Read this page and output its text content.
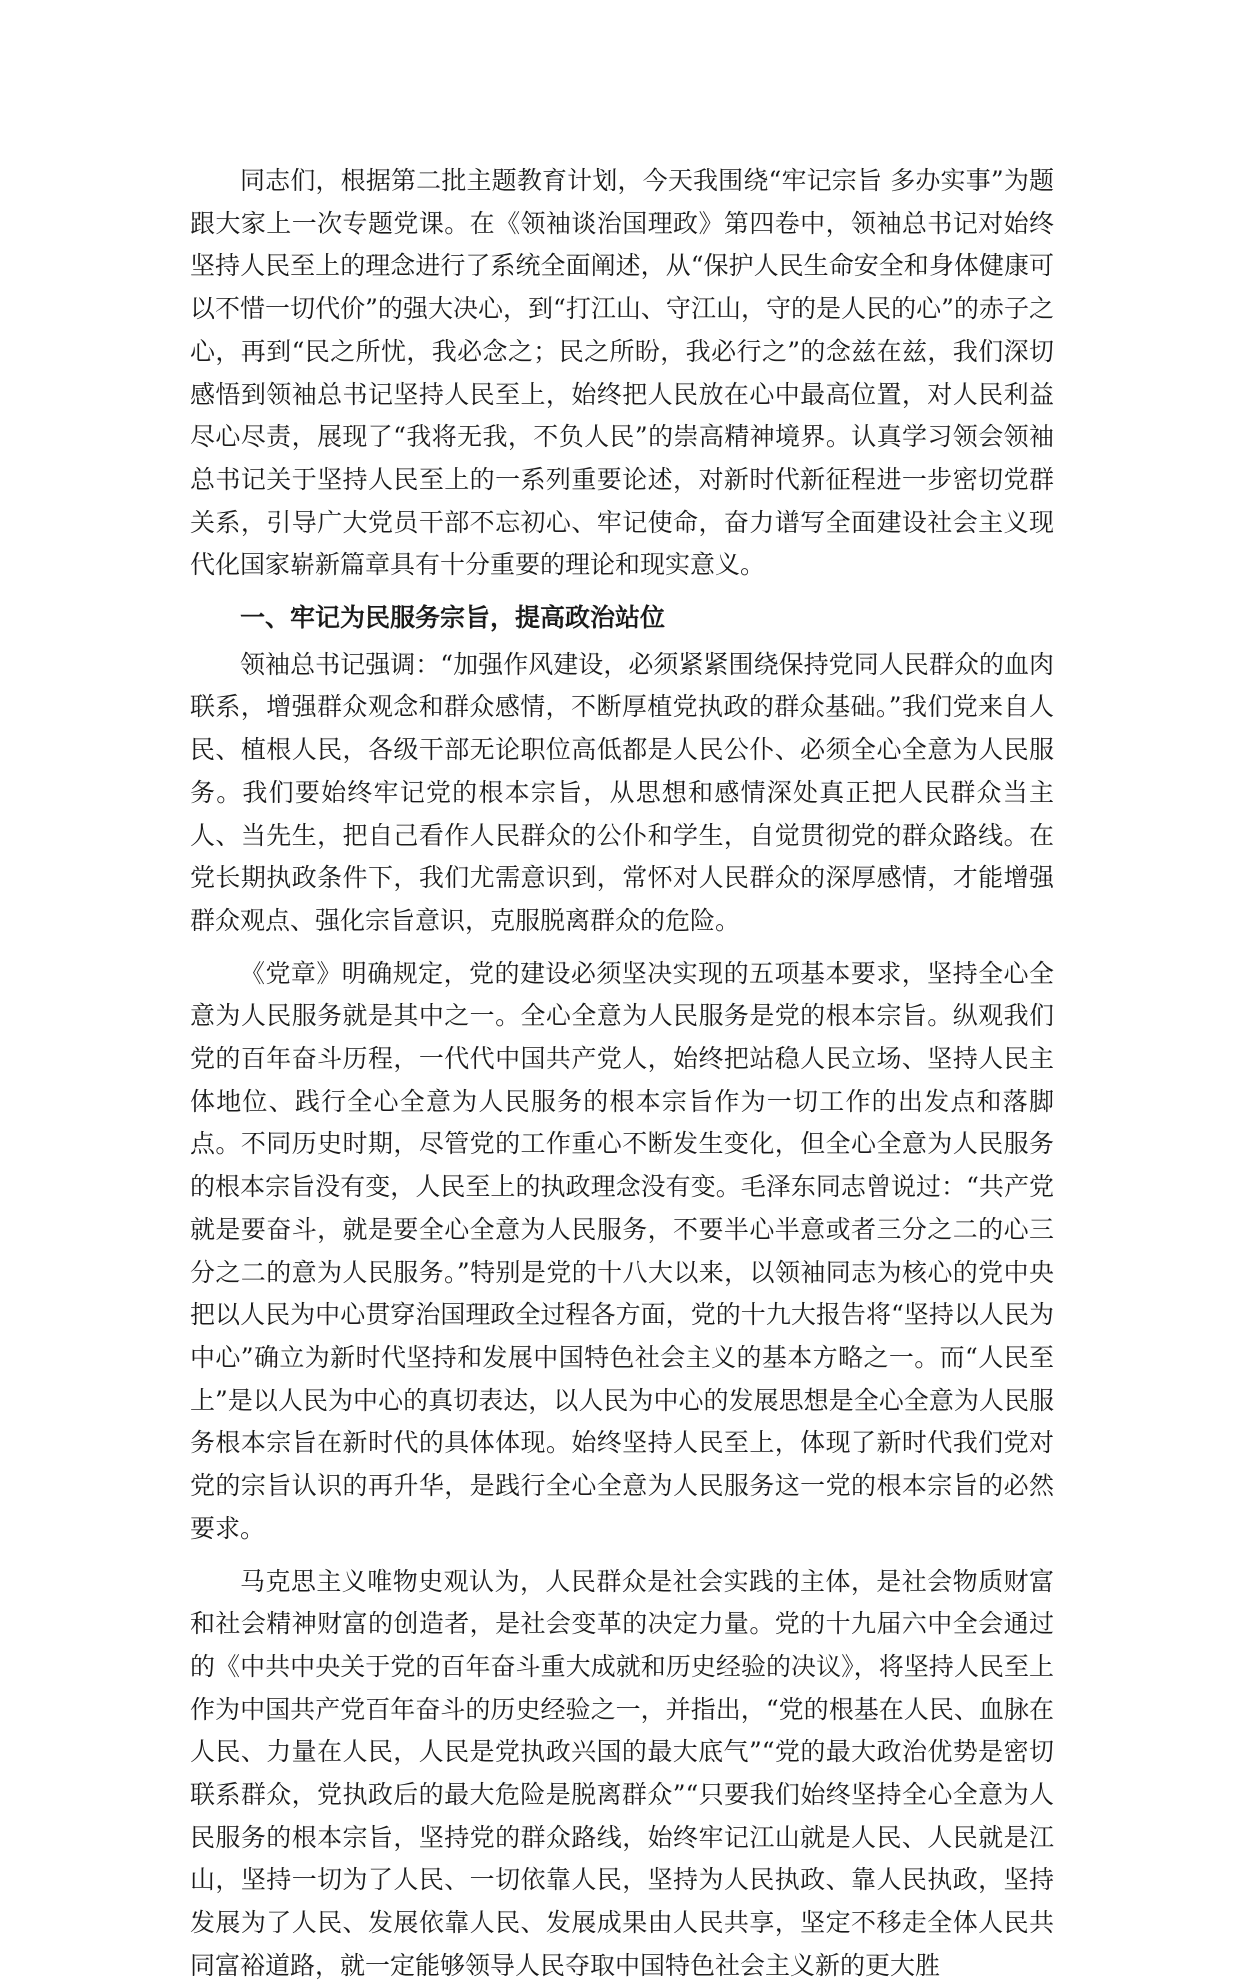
同志们，根据第二批主题教育计划，今天我围绕“牢记宗旨 多办实事”为题跟大家上一次专题党课。在《领袖谈治国理政》第四卷中，领袖总书记对始终坚持人民至上的理念进行了系统全面阐述，从“保护人民生命安全和身体健康可以不惜一切代价”的强大决心，到“打江山、守江山，守的是人民的心”的赤子之心，再到“民之所忧，我必念之；民之所盼，我必行之”的念兹在兹，我们深切感悟到领袖总书记坚持人民至上，始终把人民放在心中最高位置，对人民利益尽心尽责，展现了“我将无我，不负人民”的崇高精神境界。认真学习领会领袖总书记关于坚持人民至上的一系列重要论述，对新时代新征程进一步密切党群关系，引导广大党员干部不忘初心、牢记使命，奋力谱写全面建设社会主义现代化国家崭新篇章具有十分重要的理论和现实意义。

一、牢记为民服务宗旨，提高政治站位

领袖总书记强调：“加强作风建设，必须紧紧围绕保持党同人民群众的血肉联系，增强群众观念和群众感情，不断厚植党执政的群众基础。”我们党来自人民、植根人民，各级干部无论职位高低都是人民公仆、必须全心全意为人民服务。我们要始终牢记党的根本宗旨，从思想和感情深处真正把人民群众当主人、当先生，把自己看作人民群众的公仆和学生，自觉贯彻党的群众路线。在党长期执政条件下，我们尤需意识到，常怀对人民群众的深厚感情，才能增强群众观点、强化宗旨意识，克服脱离群众的危险。

《党章》明确规定，党的建设必须坚决实现的五项基本要求，坚持全心全意为人民服务就是其中之一。全心全意为人民服务是党的根本宗旨。纵观我们党的百年奋斗历程，一代代中国共产党人，始终把站稳人民立场、坚持人民主体地位、践行全心全意为人民服务的根本宗旨作为一切工作的出发点和落脚点。不同历史时期，尽管党的工作重心不断发生变化，但全心全意为人民服务的根本宗旨没有变，人民至上的执政理念没有变。毛泽东同志曾说过：“共产党就是要奋斗，就是要全心全意为人民服务，不要半心半意或者三分之二的心三分之二的意为人民服务。”特别是党的十八大以来，以领袖同志为核心的党中央把以人民为中心贯穿治国理政全过程各方面，党的十九大报告将“坚持以人民为中心”确立为新时代坚持和发展中国特色社会主义的基本方略之一。而“人民至上”是以人民为中心的真切表达，以人民为中心的发展思想是全心全意为人民服务根本宗旨在新时代的具体体现。始终坚持人民至上，体现了新时代我们党对党的宗旨认识的再升华，是践行全心全意为人民服务这一党的根本宗旨的必然要求。

马克思主义唯物史观认为，人民群众是社会实践的主体，是社会物质财富和社会精神财富的创造者，是社会变革的决定力量。党的十九届六中全会通过的《中共中央关于党的百年奋斗重大成就和历史经验的决议》，将坚持人民至上作为中国共产党百年奋斗的历史经验之一，并指出，“党的根基在人民、血脉在人民、力量在人民，人民是党执政兴国的最大底气”“党的最大政治优势是密切联系群众，党执政后的最大危险是脱离群众”“只要我们始终坚持全心全意为人民服务的根本宗旨，坚持党的群众路线，始终牢记江山就是人民、人民就是江山，坚持一切为了人民、一切依靠人民，坚持为人民执政、靠人民执政，坚持发展为了人民、发展依靠人民、发展成果由人民共享，坚定不移走全体人民共同富裕道路，就一定能够领导人民夺取中国特色社会主义新的更大胜
